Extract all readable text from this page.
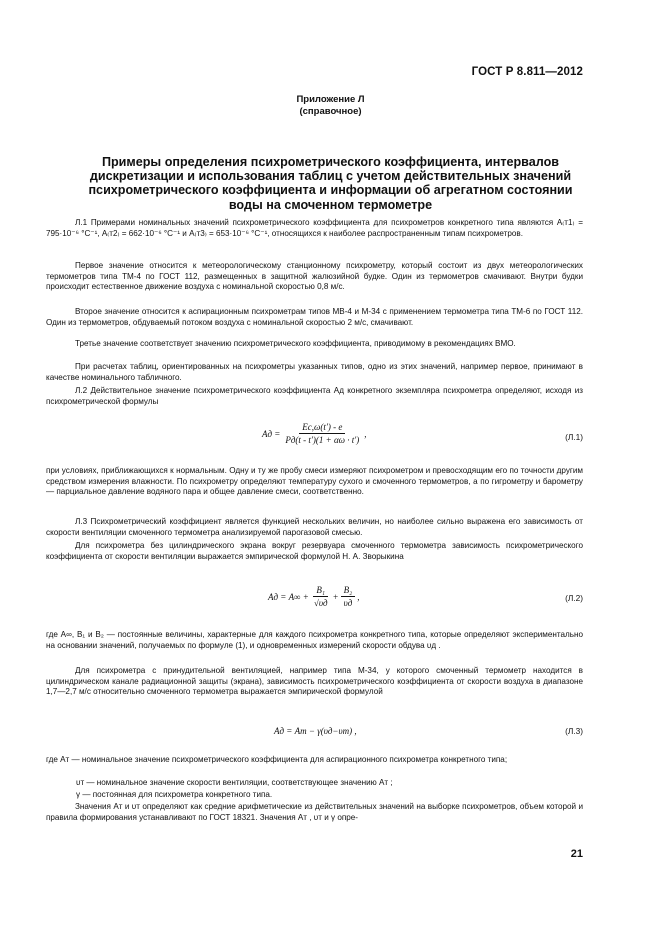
ГОСТ Р 8.811—2012
Приложение Л
(справочное)
Примеры определения психрометрического коэффициента, интервалов
дискретизации и использования таблиц с учетом действительных значений
психрометрического коэффициента и информации об агрегатном состоянии
воды на смоченном термометре

Л.1 Примерами номинальных значений психрометрического коэффициента для психрометров конкретного типа являются A₍т1₎ = 795·10⁻⁶ °С⁻¹, A₍т2₎ = 662·10⁻⁶ °С⁻¹ и A₍т3₎ = 653·10⁻⁶ °С⁻¹, относящихся к наиболее распространенным типам психрометров.

Первое значение относится к метеорологическому станционному психрометру, который состоит из двух метеорологических термометров типа ТМ-4 по ГОСТ 112, размещенных в защитной жалюзийной будке. Один из термометров смачивают. Внутри будки происходит естественное движение воздуха с номинальной скоростью 0,8 м/с.

Второе значение относится к аспирационным психрометрам типов МВ-4 и М-34 с применением термометра типа ТМ-6 по ГОСТ 112. Один из термометров, обдуваемый потоком воздуха с номинальной скоростью 2 м/с, смачивают.

Третье значение соответствует значению психрометрического коэффициента, приводимому в рекомендациях ВМО.

При расчетах таблиц, ориентированных на психрометры указанных типов, одно из этих значений, например первое, принимают в качестве номинального табличного.

Л.2 Действительное значение психрометрического коэффициента Aд конкретного экземпляра психрометра определяют, исходя из психрометрической формулы

Aд = $\frac{Eс,\omega(t') - e}{Pд(t - t')(1 + \alpha\omega \cdot t')}$ ,	(Л.1)

при условиях, приближающихся к нормальным. Одну и ту же пробу смеси измеряют психрометром и превосходящим его по точности другим средством измерения влажности. По психрометру определяют температуру сухого и смоченного термометров, а по гигрометру и барометру — парциальное давление водяного пара и общее давление смеси, соответственно.

Л.3 Психрометрический коэффициент является функцией нескольких величин, но наиболее сильно выражена его зависимость от скорости вентиляции смоченного термометра анализируемой парогазовой смесью.

Для психрометра без цилиндрического экрана вокруг резервуара смоченного термометра зависимость психрометрического коэффициента от скорости вентиляции выражается эмпирической формулой Н. А. Зворыкина

Aд = $A\infty + \frac{\text{B₁}}{√\upsilon д} + \frac{\text{B₂}}{\upsilon д}$ ,	(Л.2)

где A∞, B₁ и B₂ — постоянные величины, характерные для каждого психрометра конкретного типа, которые определяют экспериментально на основании значений, получаемых по формуле (1), и одновременных измерений скорости обдува υд .

Для психрометра с принудительной вентиляцией, например типа М-34, у которого смоченный термометр находится в цилиндрическом канале радиационной защиты (экрана), зависимость психрометрического коэффициента от скорости воздуха в диапазоне 1,7—2,7 м/с относительно смоченного термометра выражается эмпирической формулой

Aд = Aт − γ(υд−υт) ,	(Л.3)

где Aт — номинальное значение психрометрического коэффициента для аспирационного психрометра конкретного типа;

υт — номинальное значение скорости вентиляции, соответствующее значению Aт ;

γ — постоянная для психрометра конкретного типа.

Значения Aт и υт определяют как средние арифметические из действительных значений на выборке психрометров, объем которой и правила формирования устанавливают по ГОСТ 18321. Значения Aт , υт и γ опре-

21
